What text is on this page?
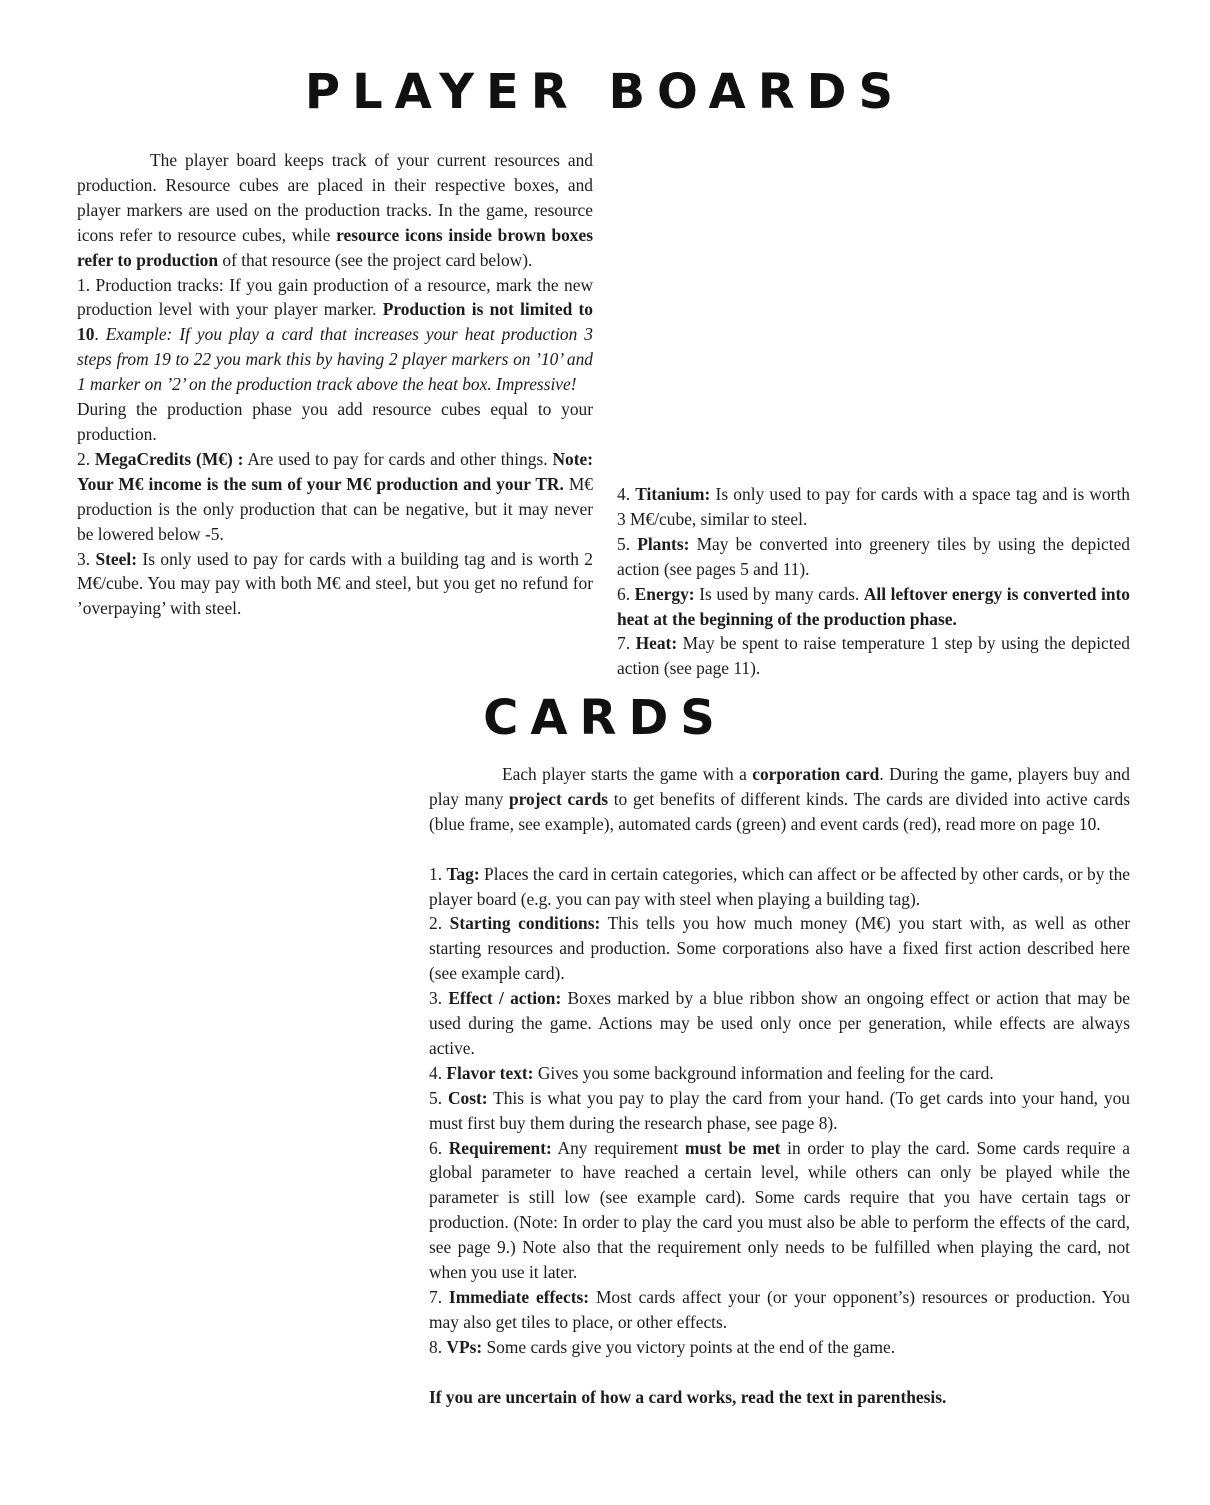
PLAYER BOARDS

The player board keeps track of your current resources and production. Resource cubes are placed in their respective boxes, and player markers are used on the production tracks. In the game, resource icons refer to resource cubes, while resource icons inside brown boxes refer to production of that resource (see the project card below).

1. Production tracks: If you gain production of a resource, mark the new production level with your player marker. Production is not limited to 10. Example: If you play a card that increases your heat production 3 steps from 19 to 22 you mark this by having 2 player markers on ’10’ and 1 marker on ’2’ on the production track above the heat box. Impressive!

During the production phase you add resource cubes equal to your production.

2. MegaCredits (M€) : Are used to pay for cards and other things. Note: Your M€ income is the sum of your M€ production and your TR. M€ production is the only production that can be negative, but it may never be lowered below -5.

3. Steel: Is only used to pay for cards with a building tag and is worth 2 M€/cube. You may pay with both M€ and steel, but you get no refund for ’overpaying’ with steel.

4. Titanium: Is only used to pay for cards with a space tag and is worth 3 M€/cube, similar to steel.

5. Plants: May be converted into greenery tiles by using the depicted action (see pages 5 and 11).

6. Energy: Is used by many cards. All leftover energy is converted into heat at the beginning of the production phase.

7. Heat: May be spent to raise temperature 1 step by using the depicted action (see page 11).

CARDS

Each player starts the game with a corporation card. During the game, players buy and play many project cards to get benefits of different kinds. The cards are divided into active cards (blue frame, see example), automated cards (green) and event cards (red), read more on page 10.

1. Tag: Places the card in certain categories, which can affect or be affected by other cards, or by the player board (e.g. you can pay with steel when playing a building tag).

2. Starting conditions: This tells you how much money (M€) you start with, as well as other starting resources and production. Some corporations also have a fixed first action described here (see example card).

3. Effect / action: Boxes marked by a blue ribbon show an ongoing effect or action that may be used during the game. Actions may be used only once per generation, while effects are always active.

4. Flavor text: Gives you some background information and feeling for the card.

5. Cost: This is what you pay to play the card from your hand. (To get cards into your hand, you must first buy them during the research phase, see page 8).

6. Requirement: Any requirement must be met in order to play the card. Some cards require a global parameter to have reached a certain level, while others can only be played while the parameter is still low (see example card). Some cards require that you have certain tags or production. (Note: In order to play the card you must also be able to perform the effects of the card, see page 9.) Note also that the requirement only needs to be fulfilled when playing the card, not when you use it later.

7. Immediate effects: Most cards affect your (or your opponent’s) resources or production. You may also get tiles to place, or other effects.

8. VPs: Some cards give you victory points at the end of the game.

If you are uncertain of how a card works, read the text in parenthesis.
